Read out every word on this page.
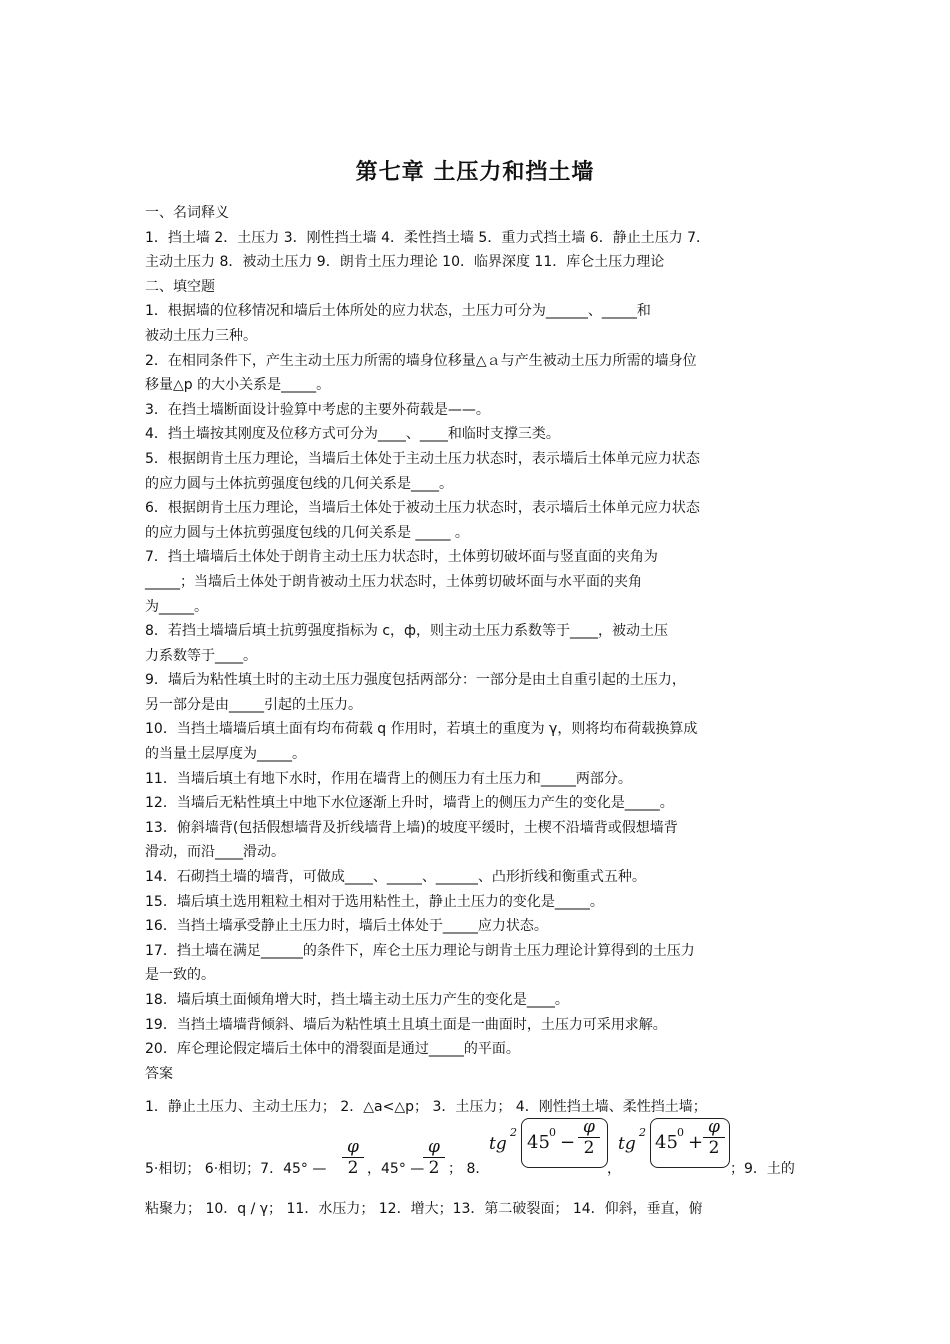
第七章 土压力和挡土墙
一、名词释义
1．挡土墙 2．土压力 3．刚性挡土墙 4．柔性挡土墙 5．重力式挡土墙 6．静止土压力 7．
主动土压力 8．被动土压力 9．朗肯土压力理论 10．临界深度 11．库仑土压力理论
二、填空题
1．根据墙的位移情况和墙后土体所处的应力状态，土压力可分为______、_____和
被动土压力三种。
2．在相同条件下，产生主动土压力所需的墙身位移量△ａ与产生被动土压力所需的墙身位
移量△p 的大小关系是_____。
3．在挡土墙断面设计验算中考虑的主要外荷载是——。
4．挡土墙按其刚度及位移方式可分为____、____和临时支撑三类。
5．根据朗肯土压力理论，当墙后土体处于主动土压力状态时，表示墙后土体单元应力状态
的应力圆与土体抗剪强度包线的几何关系是____。
6．根据朗肯土压力理论，当墙后土体处于被动土压力状态时，表示墙后土体单元应力状态
的应力圆与土体抗剪强度包线的几何关系是 _____ 。
7．挡土墙墙后土体处于朗肯主动土压力状态时，土体剪切破坏面与竖直面的夹角为
_____；当墙后土体处于朗肯被动土压力状态时，土体剪切破坏面与水平面的夹角
为_____。
8．若挡土墙墙后填土抗剪强度指标为 c，ф，则主动土压力系数等于____，被动土压
力系数等于____。
9．墙后为粘性填土时的主动土压力强度包括两部分：一部分是由土自重引起的土压力，
另一部分是由_____引起的土压力。
10．当挡土墙墙后填土面有均布荷载 q 作用时，若填土的重度为 γ，则将均布荷载换算成
的当量土层厚度为_____。
11．当墙后填土有地下水时，作用在墙背上的侧压力有土压力和_____两部分。
12．当墙后无粘性填土中地下水位逐渐上升时，墙背上的侧压力产生的变化是_____。
13．俯斜墙背(包括假想墙背及折线墙背上墙)的坡度平缓时，土楔不沿墙背或假想墙背
滑动，而沿____滑动。
14．石砌挡土墙的墙背，可做成____、_____、______、凸形折线和衡重式五种。
15．墙后填土选用粗粒土相对于选用粘性土，静止土压力的变化是_____。
16．当挡土墙承受静止土压力时，墙后土体处于_____应力状态。
17．挡土墙在满足______的条件下，库仑土压力理论与朗肯土压力理论计算得到的土压力
是一致的。
18．墙后填土面倾角增大时，挡土墙主动土压力产生的变化是____。
19．当挡土墙墙背倾斜、墙后为粘性填土且填土面是一曲面时，土压力可采用求解。
20．库仑理论假定墙后土体中的滑裂面是通过_____的平面。
答案
1．静止土压力、主动土压力； 2．△a<△p； 3．土压力； 4．刚性挡土墙、柔性挡土墙；
5·相切； 6·相切；7．45° —
φ
2 ，45° —
φ
2 ； 8．
tg
2 45 0 −
φ
2
，
tg
2 45 0 +
φ
2
；9．土的
粘聚力； 10．q / γ； 11．水压力； 12．增大；13．第二破裂面； 14．仰斜，垂直，俯
